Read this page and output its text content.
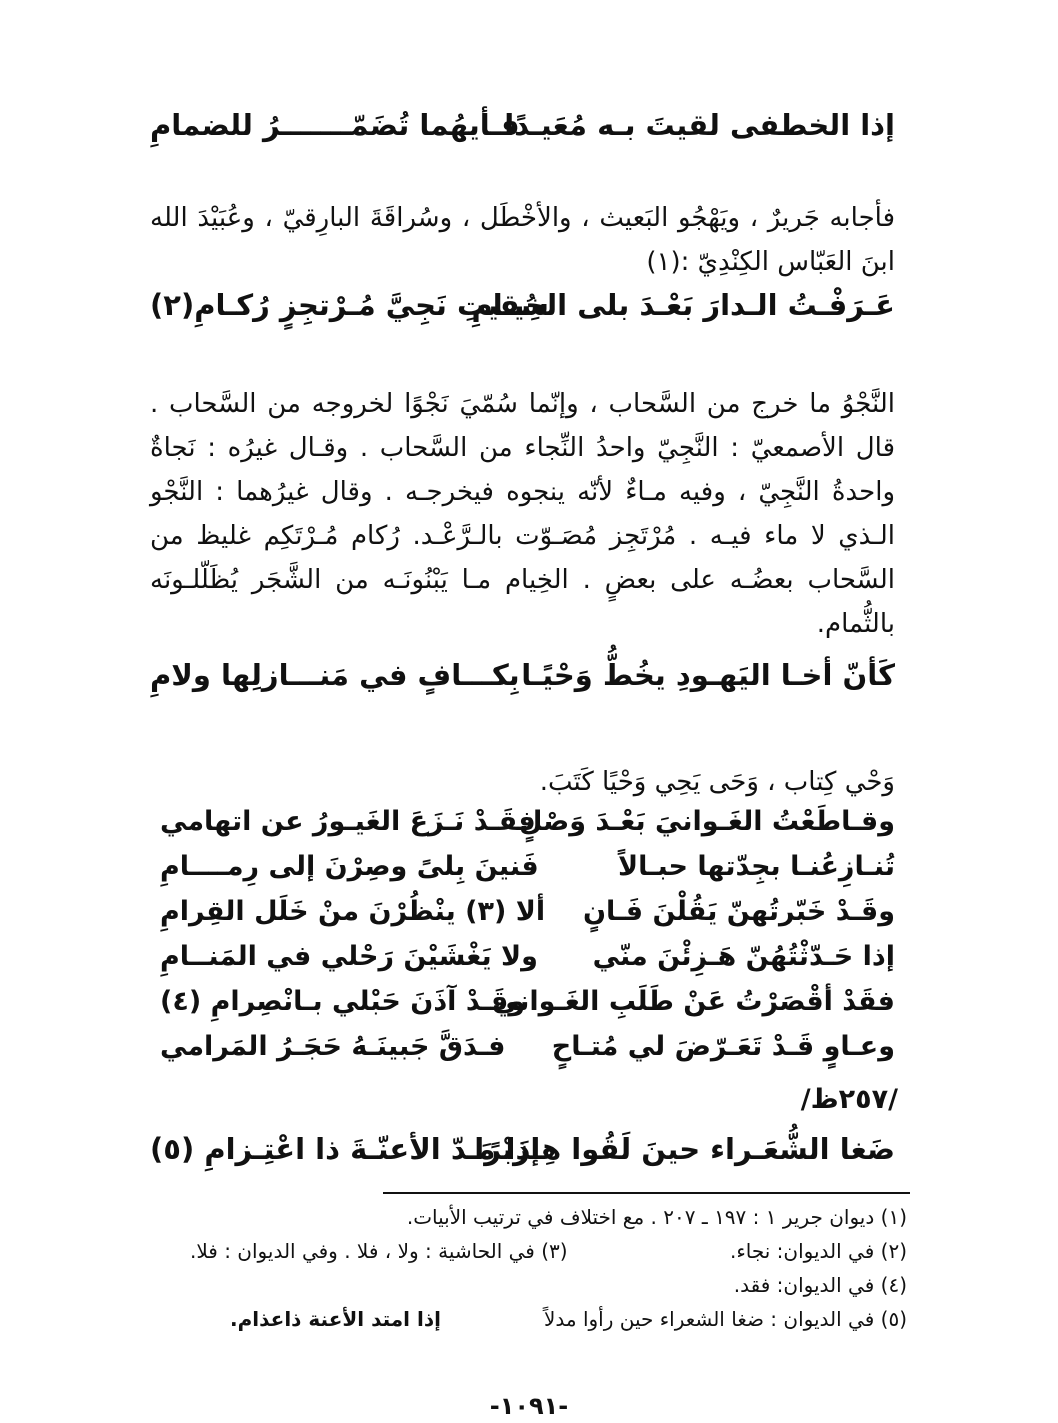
إذا الخطفى لقيتَ بـه مُعَيـدًا
فـأيهُما تُضَمّـــــــرُ للضمامِ

فأجابه جَريرٌ ، ويَهْجُو البَعيث ، والأخْطَل ، وسُراقَةَ البارِقيّ ، وعُبَيْدَ الله ابنَ العَبّاس الكِنْدِيّ :(١)

عَـرَفْـتُ الـدارَ بَعْـدَ بلى الخِيـامِ
سُقيتِ نَجِيَّ مُـرْتجِزٍ رُكـامِ(٢)

النَّجْوُ ما خرج من السَّحاب ، وإنّما سُمّيَ نَجْوًا لخروجه من السَّحاب . قال الأصمعيّ : النَّجِيّ واحدُ النِّجاء من السَّحاب . وقـال غيرُه : نَجاةٌ واحدةُ النَّجِيّ ، وفيه مـاءٌ لأنّه ينجوه فيخرجـه . وقال غيرُهما : النَّجْو الـذي لا ماء فيـه . مُرْتَجِز مُصَـوّت بالـرَّعْـد. رُكام مُـرْتَكِم غليظ من السَّحاب بعضُـه على بعضٍ . الخِيام مـا يَبْنُونَـه من الشَّجَر يُظَلّلـونَه بالثُّمام.

كَأنّ أخـا اليَهـودِ يخُطُّ وَحْيًـا
بِكـــافٍ في مَنـــازلِها ولامِ

وَحْي كِتاب ، وَحَى يَحِي وَحْيًا كَتَبَ.

وقـاطَعْتُ الغَـوانيَ بَعْـدَ وَصْلٍ
فقَـدْ نَـزَعَ الغَيـورُ عن اتهامي
تُنـازِعُنـا بجِدّتها حبـالاً
فَنينَ بِلىً وصِرْنَ إلى رِمــــامِ
وقَـدْ خَبّرتُهنّ يَقُلْنَ فَـانٍ
ألا (٣) ينْظُرْنَ منْ خَلَل القِرامِ
إذا حَـدّثْتُهُنّ هَـزِئْنَ منّي
ولا يَغْشَيْنَ رَحْلي في المَنــامِ
فقَدْ أقْصَرْتُ عَنْ طَلَبِ الغَـواني
وقَـدْ آذَنَ حَبْلي بـانْصِرامِ (٤)
وعـاوٍ قَـدْ تَعَـرّضَ لي مُتـاحٍ
فـدَقَّ جَبينَـهُ حَجَـرُ المَرامي
/٢٥٧ظ/
ضَغا الشُّعَـراء حينَ لَقُوا هِـزَبْرًا
إذا مَـدّ الأعنّـةَ ذا اعْتِـزامِ (٥)
(١) ديوان جرير ١ : ١٩٧ ـ ٢٠٧ . مع اختلاف في ترتيب الأبيات.
(٢) في الديوان: نجاء.
(٣) في الحاشية : ولا ، فلا . وفي الديوان : فلا.
(٤) في الديوان: فقد.
(٥) في الديوان : ضغا الشعراء حين رأوا مدلاً
إذا امتد الأعنة ذاعذام.
-١٠٩١-
